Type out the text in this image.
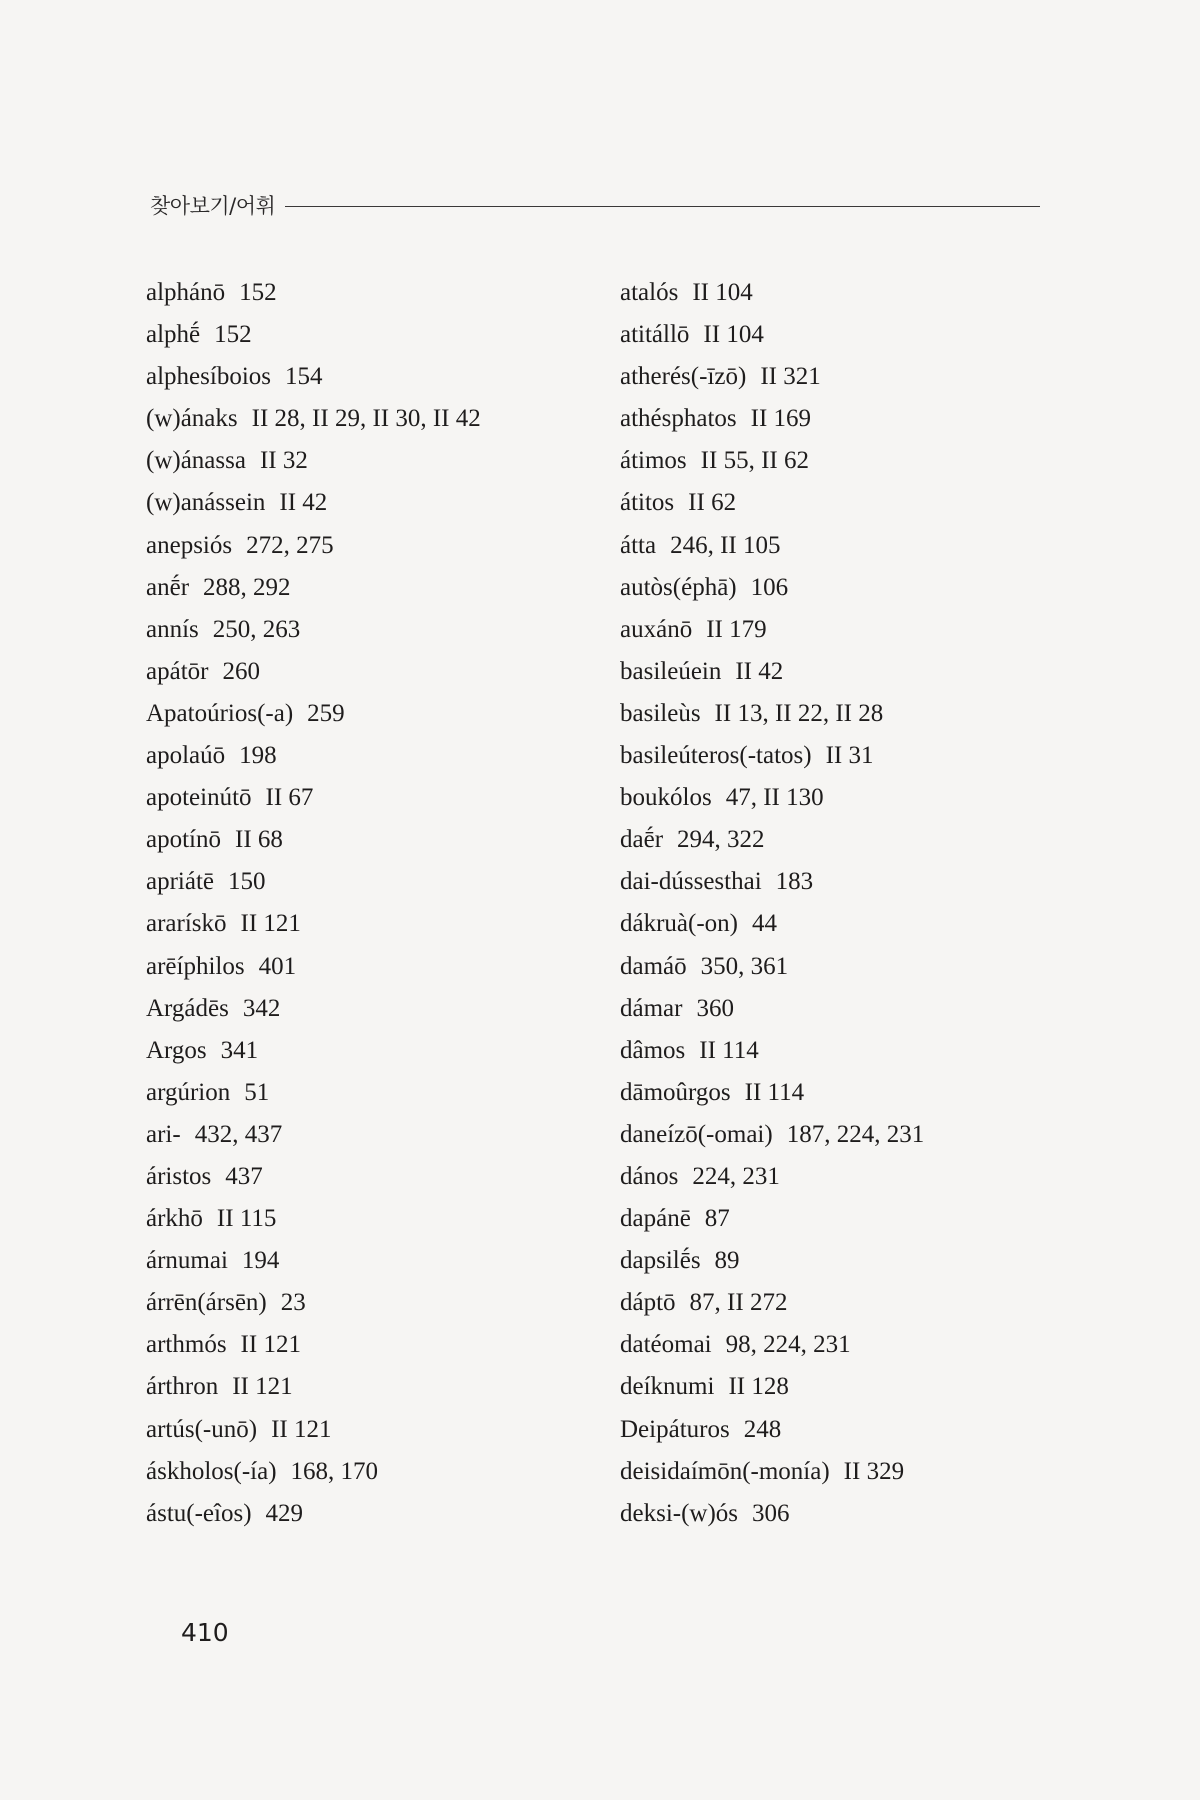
찾아보기/어휘
alphánō 152
alphḗ 152
alphesíboios 154
(w)ánaks II 28, II 29, II 30, II 42
(w)ánassa II 32
(w)anássein II 42
anepsiós 272, 275
anḗr 288, 292
annís 250, 263
apátōr 260
Apatoúrios(-a) 259
apolaúō 198
apoteinútō II 67
apotínō II 68
apriátē 150
ararískō II 121
arēíphilos 401
Argádēs 342
Argos 341
argúrion 51
ari- 432, 437
áristos 437
árkhō II 115
árnumai 194
árrēn(ársēn) 23
arthmós II 121
árthron II 121
artús(-unō) II 121
áskholos(-ía) 168, 170
ástu(-eîos) 429
atalós II 104
atitállō II 104
atherés(-īzō) II 321
athésphatos II 169
átimos II 55, II 62
átitos II 62
átta 246, II 105
autòs(éphā) 106
auxánō II 179
basileúein II 42
basileùs II 13, II 22, II 28
basileúteros(-tatos) II 31
boukólos 47, II 130
daḗr 294, 322
dai-dússesthai 183
dákruà(-on) 44
damáō 350, 361
dámar 360
dâmos II 114
dāmoûrgos II 114
daneízō(-omai) 187, 224, 231
dános 224, 231
dapánē 87
dapsilḗs 89
dáptō 87, II 272
datéomai 98, 224, 231
deíknumi II 128
Deipáturos 248
deisidaímōn(-monía) II 329
deksi-(w)ós 306
410
